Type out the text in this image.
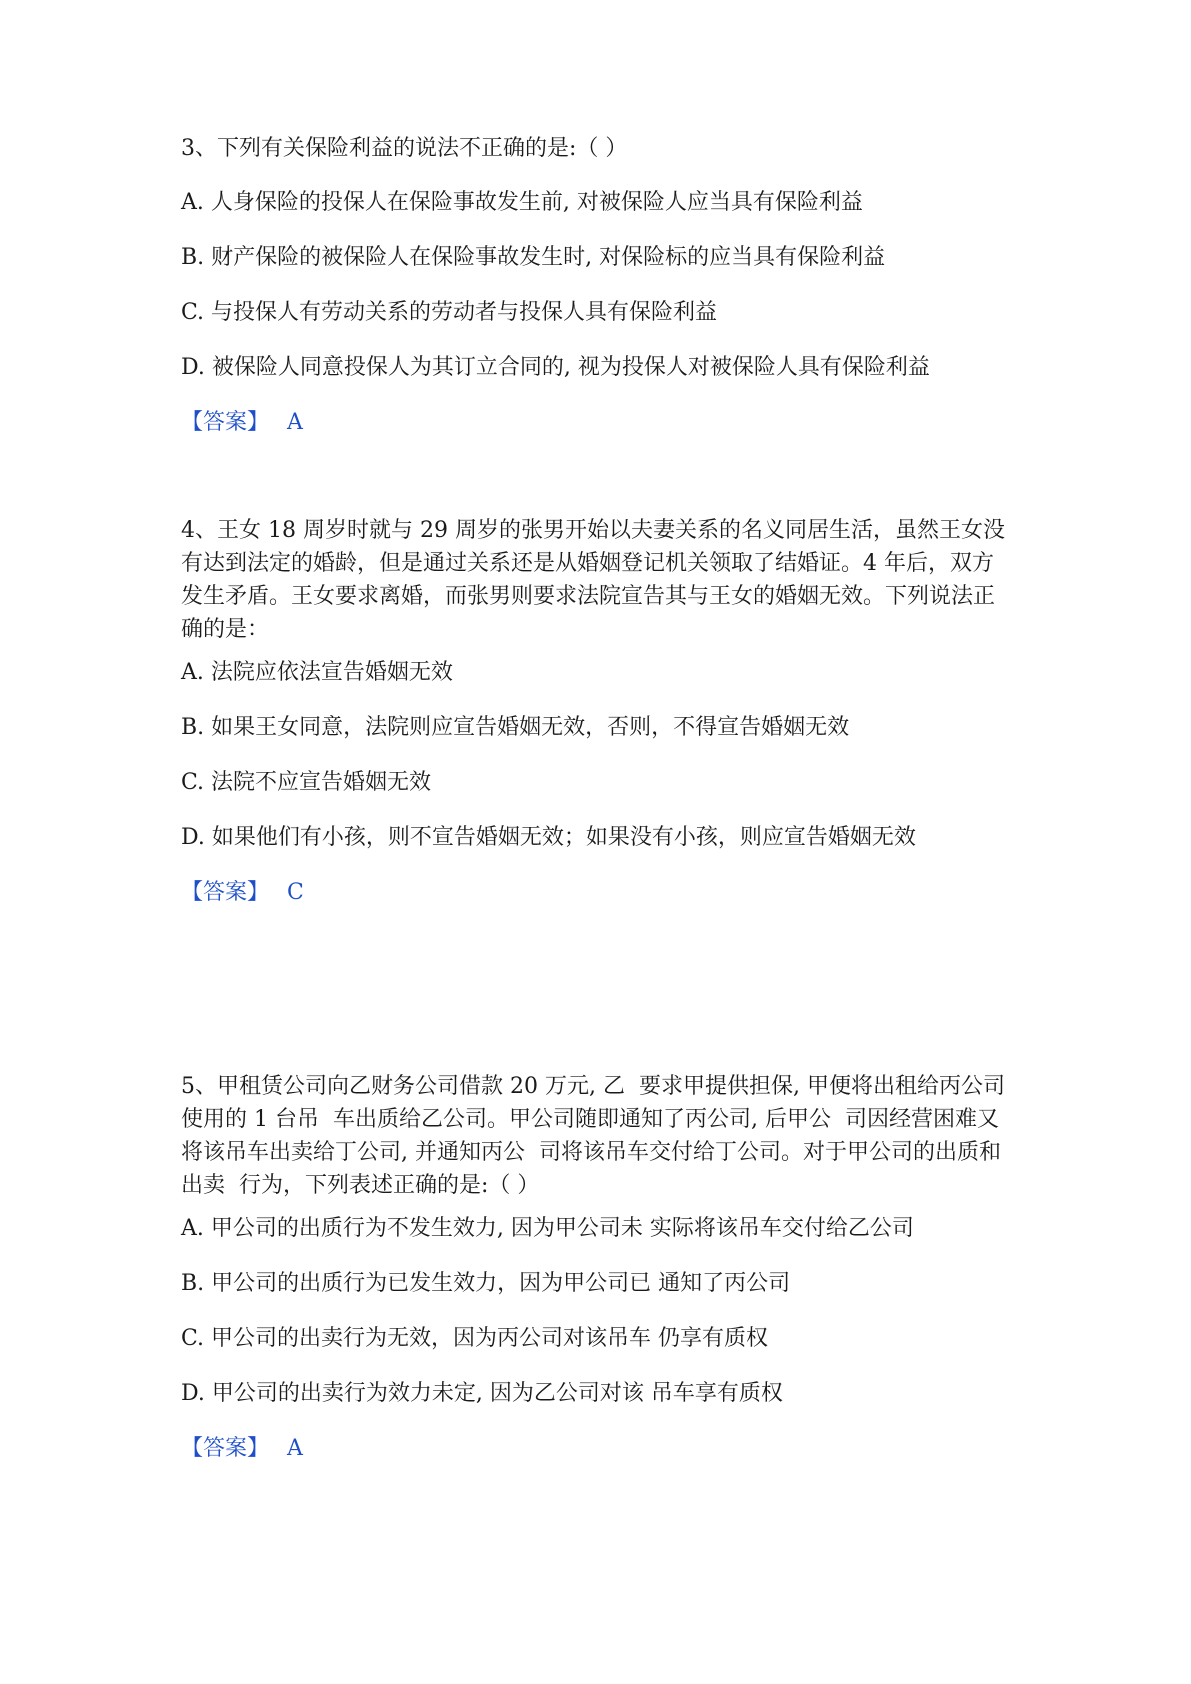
3、下列有关保险利益的说法不正确的是:（ ）

A. 人身保险的投保人在保险事故发生前, 对被保险人应当具有保险利益

B. 财产保险的被保险人在保险事故发生时, 对保险标的应当具有保险利益

C. 与投保人有劳动关系的劳动者与投保人具有保险利益

D. 被保险人同意投保人为其订立合同的, 视为投保人对被保险人具有保险利益

【答案】 A

4、王女 18 周岁时就与 29 周岁的张男开始以夫妻关系的名义同居生活，虽然王女没有达到法定的婚龄，但是通过关系还是从婚姻登记机关领取了结婚证。4 年后，双方发生矛盾。王女要求离婚，而张男则要求法院宣告其与王女的婚姻无效。下列说法正确的是：

A. 法院应依法宣告婚姻无效

B. 如果王女同意，法院则应宣告婚姻无效，否则，不得宣告婚姻无效

C. 法院不应宣告婚姻无效

D. 如果他们有小孩，则不宣告婚姻无效；如果没有小孩，则应宣告婚姻无效

【答案】 C

5、甲租赁公司向乙财务公司借款 20 万元, 乙  要求甲提供担保, 甲便将出租给丙公司使用的 1 台吊  车出质给乙公司。甲公司随即通知了丙公司, 后甲公  司因经营困难又将该吊车出卖给丁公司, 并通知丙公  司将该吊车交付给丁公司。对于甲公司的出质和出卖  行为，下列表述正确的是:（ ）

A. 甲公司的出质行为不发生效力, 因为甲公司未 实际将该吊车交付给乙公司

B. 甲公司的出质行为已发生效力，因为甲公司已 通知了丙公司

C. 甲公司的出卖行为无效，因为丙公司对该吊车 仍享有质权

D. 甲公司的出卖行为效力未定, 因为乙公司对该 吊车享有质权

【答案】 A
